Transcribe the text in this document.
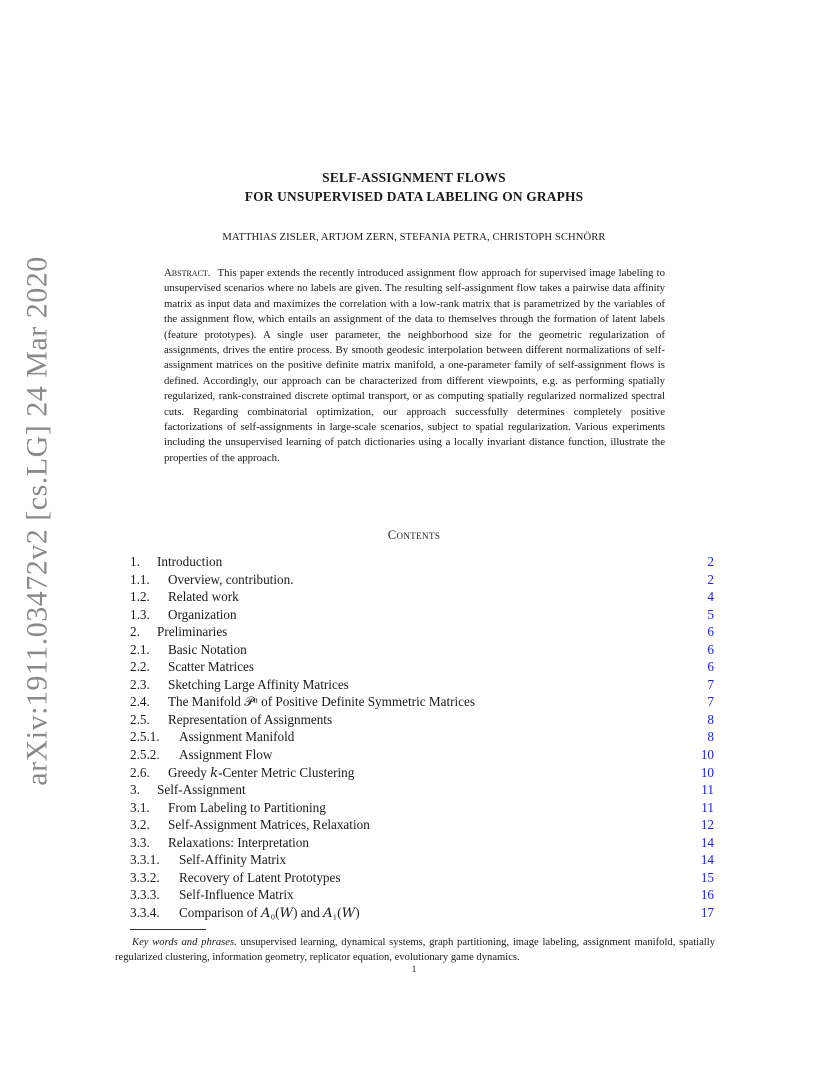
arXiv:1911.03472v2 [cs.LG] 24 Mar 2020
SELF-ASSIGNMENT FLOWS
FOR UNSUPERVISED DATA LABELING ON GRAPHS
MATTHIAS ZISLER, ARTJOM ZERN, STEFANIA PETRA, CHRISTOPH SCHNÖRR
Abstract. This paper extends the recently introduced assignment flow approach for supervised image labeling to unsupervised scenarios where no labels are given. The resulting self-assignment flow takes a pairwise data affinity matrix as input data and maximizes the correlation with a low-rank matrix that is parametrized by the variables of the assignment flow, which entails an assignment of the data to themselves through the formation of latent labels (feature prototypes). A single user parameter, the neighborhood size for the geometric regularization of assignments, drives the entire process. By smooth geodesic interpolation between different normalizations of self-assignment matrices on the positive definite matrix manifold, a one-parameter family of self-assignment flows is defined. Accordingly, our approach can be characterized from different viewpoints, e.g. as performing spatially regularized, rank-constrained discrete optimal transport, or as computing spatially regularized normalized spectral cuts. Regarding combinatorial optimization, our approach successfully determines completely positive factorizations of self-assignments in large-scale scenarios, subject to spatial regularization. Various experiments including the unsupervised learning of patch dictionaries using a locally invariant distance function, illustrate the properties of the approach.
Contents
1. Introduction	2
1.1. Overview, contribution.	2
1.2. Related work	4
1.3. Organization	5
2. Preliminaries	6
2.1. Basic Notation	6
2.2. Scatter Matrices	6
2.3. Sketching Large Affinity Matrices	7
2.4. The Manifold 𝒫ⁿ of Positive Definite Symmetric Matrices	7
2.5. Representation of Assignments	8
2.5.1. Assignment Manifold	8
2.5.2. Assignment Flow	10
2.6. Greedy 𝑘-Center Metric Clustering	10
3. Self-Assignment	11
3.1. From Labeling to Partitioning	11
3.2. Self-Assignment Matrices, Relaxation	12
3.3. Relaxations: Interpretation	14
3.3.1. Self-Affinity Matrix	14
3.3.2. Recovery of Latent Prototypes	15
3.3.3. Self-Influence Matrix	16
3.3.4. Comparison of 𝐴₀(𝑊) and 𝐴₁(𝑊)	17
Key words and phrases. unsupervised learning, dynamical systems, graph partitioning, image labeling, assignment manifold, spatially regularized clustering, information geometry, replicator equation, evolutionary game dynamics.
1
